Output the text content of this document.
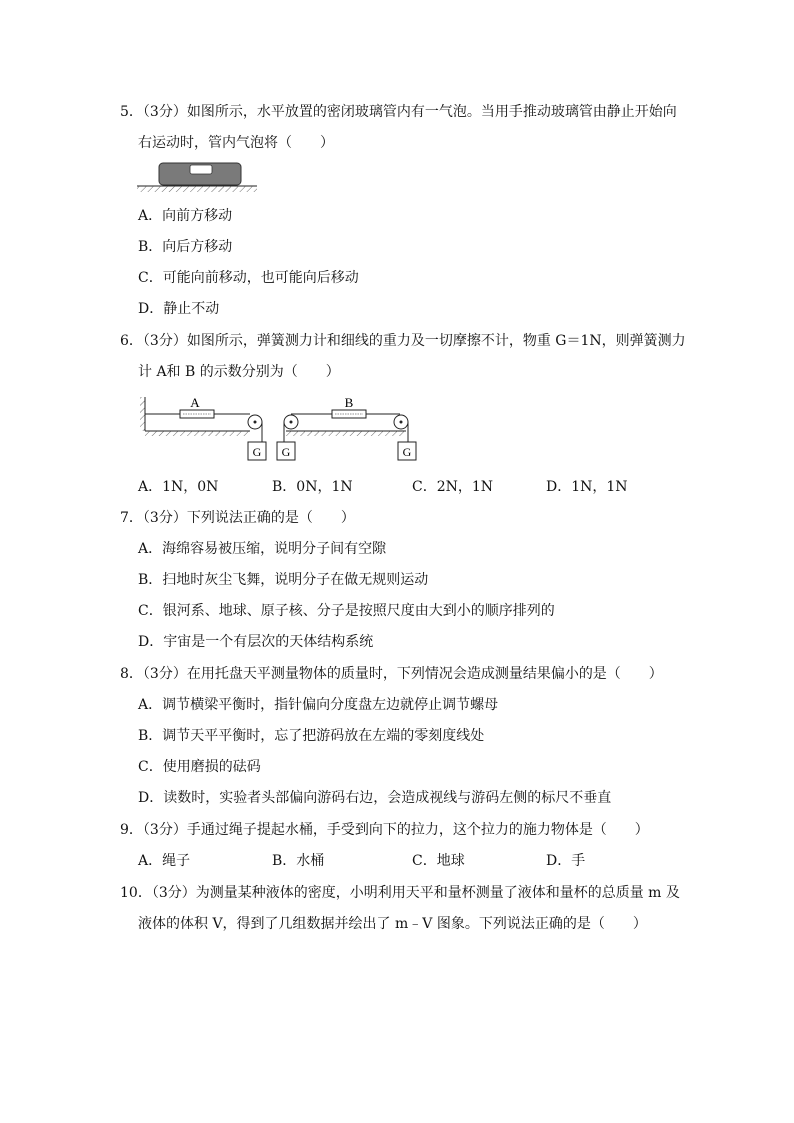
5．（3分）如图所示，水平放置的密闭玻璃管内有一气泡。当用手推动玻璃管由静止开始向
右运动时，管内气泡将（　　）
A．向前方移动
B．向后方移动
C．可能向前移动，也可能向后移动
D．静止不动
6．（3分）如图所示，弹簧测力计和细线的重力及一切摩擦不计，物重 G＝1N，则弹簧测力
计 A和 B 的示数分别为（　　）
A
G G
B
G
A．1N，0N	B．0N，1N	C．2N，1N	D．1N，1N
7．（3分）下列说法正确的是（　　）
A．海绵容易被压缩，说明分子间有空隙
B．扫地时灰尘飞舞，说明分子在做无规则运动
C．银河系、地球、原子核、分子是按照尺度由大到小的顺序排列的
D．宇宙是一个有层次的天体结构系统
8．（3分）在用托盘天平测量物体的质量时，下列情况会造成测量结果偏小的是（　　）
A．调节横梁平衡时，指针偏向分度盘左边就停止调节螺母
B．调节天平平衡时，忘了把游码放在左端的零刻度线处
C．使用磨损的砝码
D．读数时，实验者头部偏向游码右边，会造成视线与游码左侧的标尺不垂直
9．（3分）手通过绳子提起水桶，手受到向下的拉力，这个拉力的施力物体是（　　）
A．绳子	B．水桶	C．地球	D．手
10．（3分）为测量某种液体的密度，小明利用天平和量杯测量了液体和量杯的总质量 m 及
液体的体积 V，得到了几组数据并绘出了 m﹣V 图象。下列说法正确的是（　　）
